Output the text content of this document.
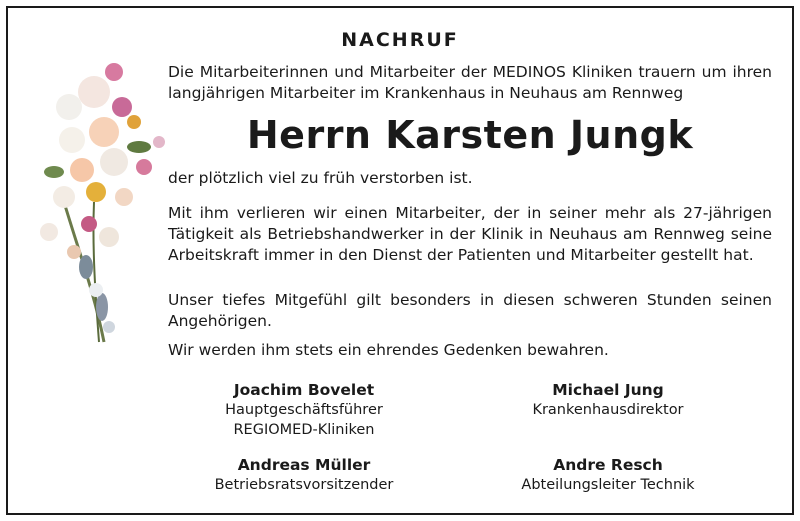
NACHRUF
Die Mitarbeiterinnen und Mitarbeiter der MEDINOS Kliniken trauern um ihren langjährigen Mitarbeiter im Krankenhaus in Neuhaus am Rennweg
Herrn Karsten Jungk
der plötzlich viel zu früh verstorben ist.
Mit ihm verlieren wir einen Mitarbeiter, der in seiner mehr als 27-jährigen Tätigkeit als Betriebshandwerker in der Klinik in Neuhaus am Rennweg seine Arbeitskraft immer in den Dienst der Patienten und Mitarbeiter gestellt hat.
Unser tiefes Mitgefühl gilt besonders in diesen schweren Stunden seinen Angehörigen.
Wir werden ihm stets ein ehrendes Gedenken bewahren.
Joachim Bovelet
Hauptgeschäftsführer
REGIOMED-Kliniken
Michael Jung
Krankenhausdirektor
Andreas Müller
Betriebsratsvorsitzender
Andre Resch
Abteilungsleiter Technik
